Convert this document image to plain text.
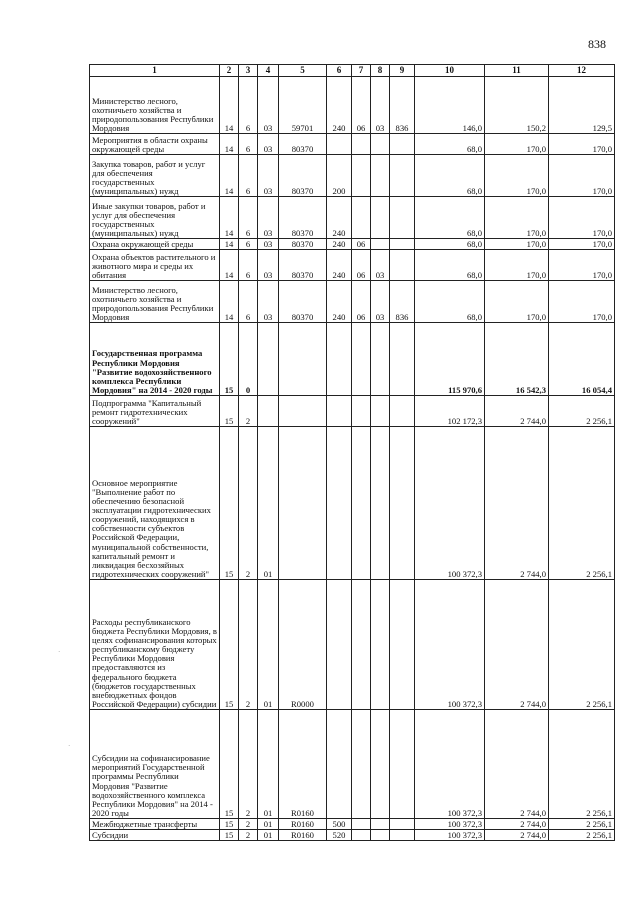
838
1	2	3	4	5	6	7	8	9	10	11	12
Министерство лесного, охотничьего хозяйства и природопользования Республики Мордовия	14	6	03	59701	240	06	03	836	146,0	150,2	129,5
Мероприятия в области охраны окружающей среды	14	6	03	80370					68,0	170,0	170,0
Закупка товаров, работ и услуг для обеспечения государственных (муниципальных) нужд	14	6	03	80370	200				68,0	170,0	170,0
Иные закупки товаров, работ и услуг для обеспечения государственных (муниципальных) нужд	14	6	03	80370	240				68,0	170,0	170,0
Охрана окружающей среды	14	6	03	80370	240	06			68,0	170,0	170,0
Охрана объектов растительного и животного мира и среды их обитания	14	6	03	80370	240	06	03		68,0	170,0	170,0
Министерство лесного, охотничьего хозяйства и природопользования Республики Мордовия	14	6	03	80370	240	06	03	836	68,0	170,0	170,0
Государственная программа Республики Мордовия "Развитие водохозяйственного комплекса Республики Мордовия" на 2014 - 2020 годы	15	0							115 970,6	16 542,3	16 054,4
Подпрограмма "Капитальный ремонт гидротехнических сооружений"	15	2							102 172,3	2 744,0	2 256,1
Основное мероприятие "Выполнение работ по обеспечению безопасной эксплуатации гидротехнических сооружений, находящихся в собственности субъектов Российской Федерации, муниципальной собственности, капитальный ремонт и ликвидация бесхозяйных гидротехнических сооружений"	15	2	01						100 372,3	2 744,0	2 256,1
Расходы республиканского бюджета Республики Мордовия, в целях софинансирования которых республиканскому бюджету Республики Мордовия предоставляются из федерального бюджета (бюджетов государственных внебюджетных фондов Российской Федерации) субсидии	15	2	01	R0000					100 372,3	2 744,0	2 256,1
Субсидии на софинансирование мероприятий Государственной программы Республики Мордовия "Развитие водохозяйственного комплекса Республики Мордовия" на 2014 - 2020 годы	15	2	01	R0160					100 372,3	2 744,0	2 256,1
Межбюджетные трансферты	15	2	01	R0160	500				100 372,3	2 744,0	2 256,1
Субсидии	15	2	01	R0160	520				100 372,3	2 744,0	2 256,1
·
·
